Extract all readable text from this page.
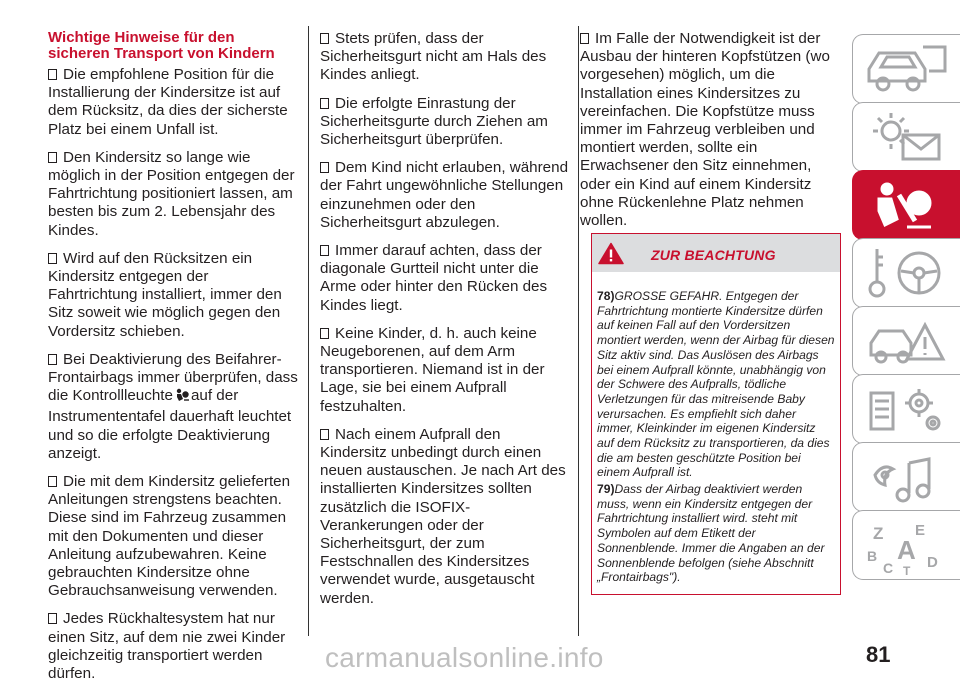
Wichtige Hinweise für den sicheren Transport von Kindern

Die empfohlene Position für die Installierung der Kindersitze ist auf dem Rücksitz, da dies der sicherste Platz bei einem Unfall ist.

Den Kindersitz so lange wie möglich in der Position entgegen der Fahrtrichtung positioniert lassen, am besten bis zum 2. Lebensjahr des Kindes.

Wird auf den Rücksitzen ein Kindersitz entgegen der Fahrtrichtung installiert, immer den Sitz soweit wie möglich gegen den Vordersitz schieben.

Bei Deaktivierung des Beifahrer-Frontairbags immer überprüfen, dass die Kontrollleuchte auf der Instrumententafel dauerhaft leuchtet und so die erfolgte Deaktivierung anzeigt.

Die mit dem Kindersitz gelieferten Anleitungen strengstens beachten. Diese sind im Fahrzeug zusammen mit den Dokumenten und dieser Anleitung aufzubewahren. Keine gebrauchten Kindersitze ohne Gebrauchsanweisung verwenden.

Jedes Rückhaltesystem hat nur einen Sitz, auf dem nie zwei Kinder gleichzeitig transportiert werden dürfen.

Stets prüfen, dass der Sicherheitsgurt nicht am Hals des Kindes anliegt.

Die erfolgte Einrastung der Sicherheitsgurte durch Ziehen am Sicherheitsgurt überprüfen.

Dem Kind nicht erlauben, während der Fahrt ungewöhnliche Stellungen einzunehmen oder den Sicherheitsgurt abzulegen.

Immer darauf achten, dass der diagonale Gurtteil nicht unter die Arme oder hinter den Rücken des Kindes liegt.

Keine Kinder, d. h. auch keine Neugeborenen, auf dem Arm transportieren. Niemand ist in der Lage, sie bei einem Aufprall festzuhalten.

Nach einem Aufprall den Kindersitz unbedingt durch einen neuen austauschen. Je nach Art des installierten Kindersitzes sollten zusätzlich die ISOFIX-Verankerungen oder der Sicherheitsgurt, der zum Festschnallen des Kindersitzes verwendet wurde, ausgetauscht werden.

Im Falle der Notwendigkeit ist der Ausbau der hinteren Kopfstützen (wo vorgesehen) möglich, um die Installation eines Kindersitzes zu vereinfachen. Die Kopfstütze muss immer im Fahrzeug verbleiben und montiert werden, sollte ein Erwachsener den Sitz einnehmen, oder ein Kind auf einem Kindersitz ohne Rückenlehne Platz nehmen wollen.

ZUR BEACHTUNG
78)GROSSE GEFAHR. Entgegen der Fahrtrichtung montierte Kindersitze dürfen auf keinen Fall auf den Vordersitzen montiert werden, wenn der Airbag für diesen Sitz aktiv sind. Das Auslösen des Airbags bei einem Aufprall könnte, unabhängig von der Schwere des Aufpralls, tödliche Verletzungen für das mitreisende Baby verursachen. Es empfiehlt sich daher immer, Kleinkinder im eigenen Kindersitz auf dem Rücksitz zu transportieren, da dies die am besten geschützte Position bei einem Aufprall ist.
79)Dass der Airbag deaktiviert werden muss, wenn ein Kindersitz entgegen der Fahrtrichtung installiert wird. steht mit Symbolen auf dem Etikett der Sonnenblende. Immer die Angaben an der Sonnenblende befolgen (siehe Abschnitt „Frontairbags").
Z E
B A
C D
T
81
carmanualsonline.info
